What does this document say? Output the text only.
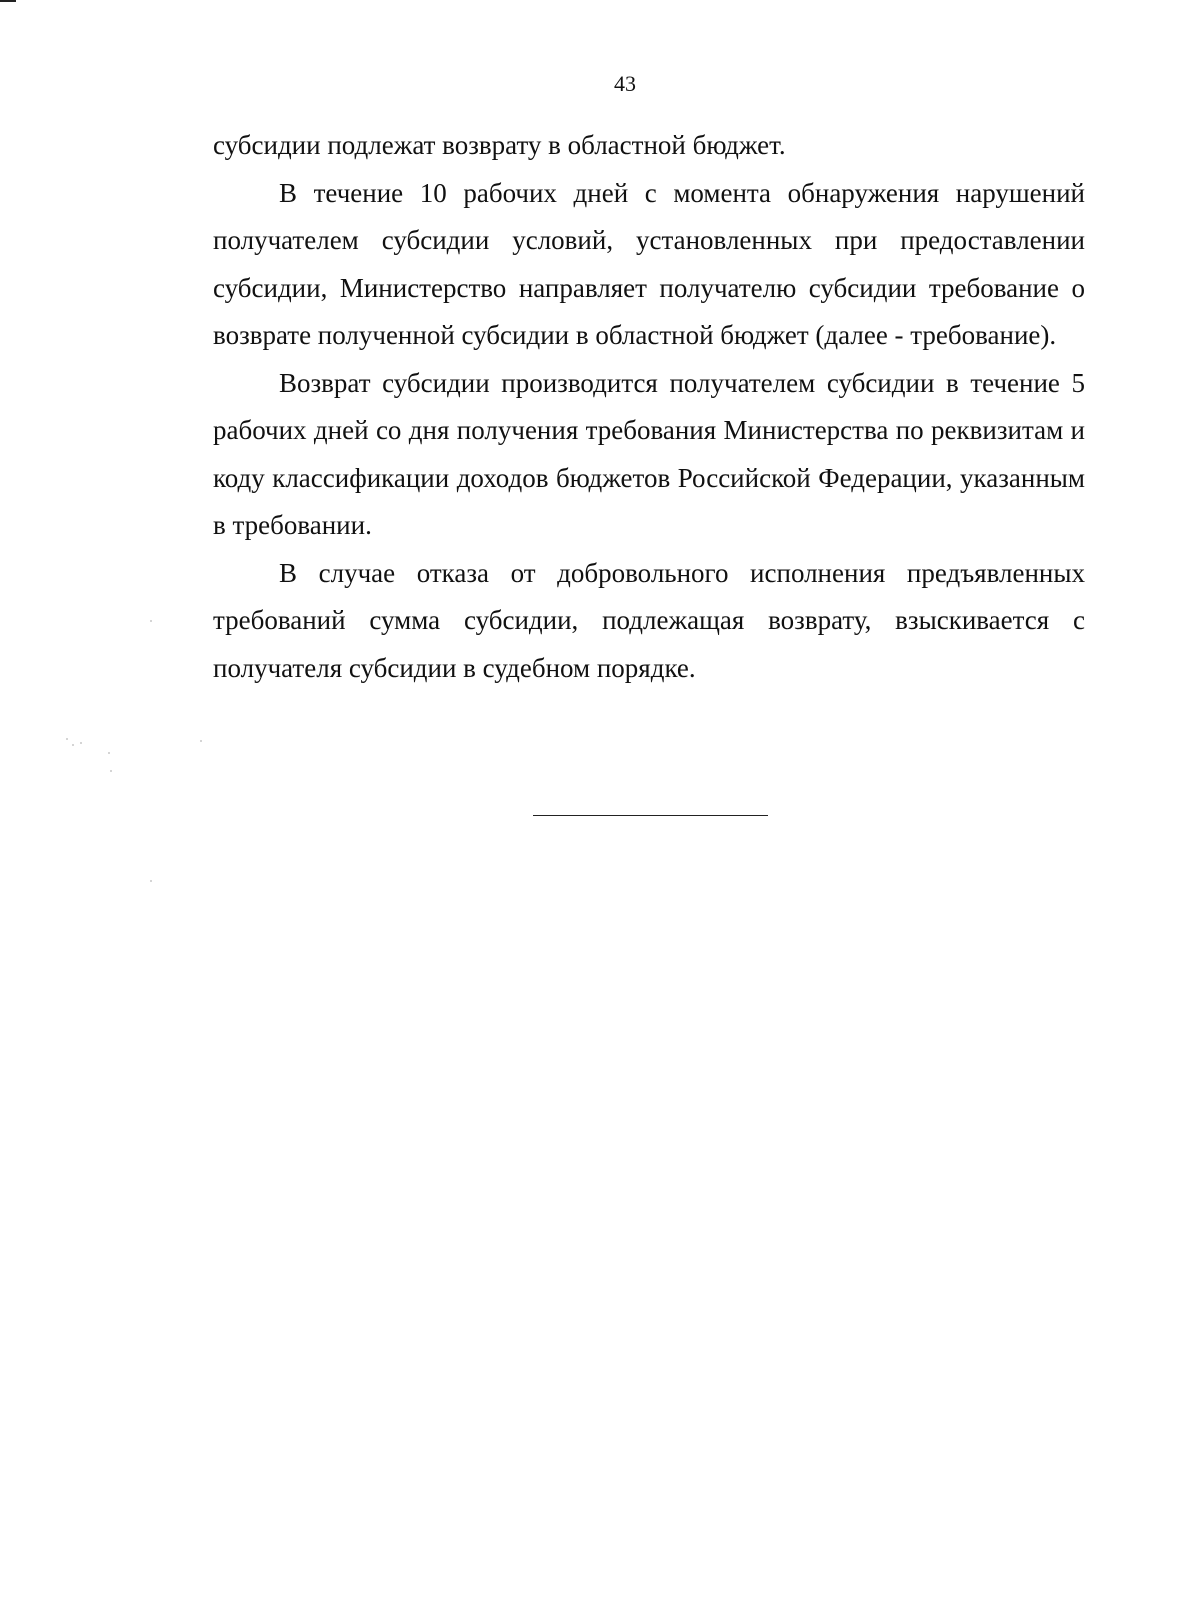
43

субсидии подлежат возврату в областной бюджет.

В течение 10 рабочих дней с момента обнаружения нарушений получателем субсидии условий, установленных при предоставлении субсидии, Министерство направляет получателю субсидии требование о возврате полученной субсидии в областной бюджет (далее - требование).

Возврат субсидии производится получателем субсидии в течение 5 рабочих дней со дня получения требования Министерства по реквизитам и коду классификации доходов бюджетов Российской Федерации, указанным в требовании.

В случае отказа от добровольного исполнения предъявленных требований сумма субсидии, подлежащая возврату, взыскивается с получателя субсидии в судебном порядке.
